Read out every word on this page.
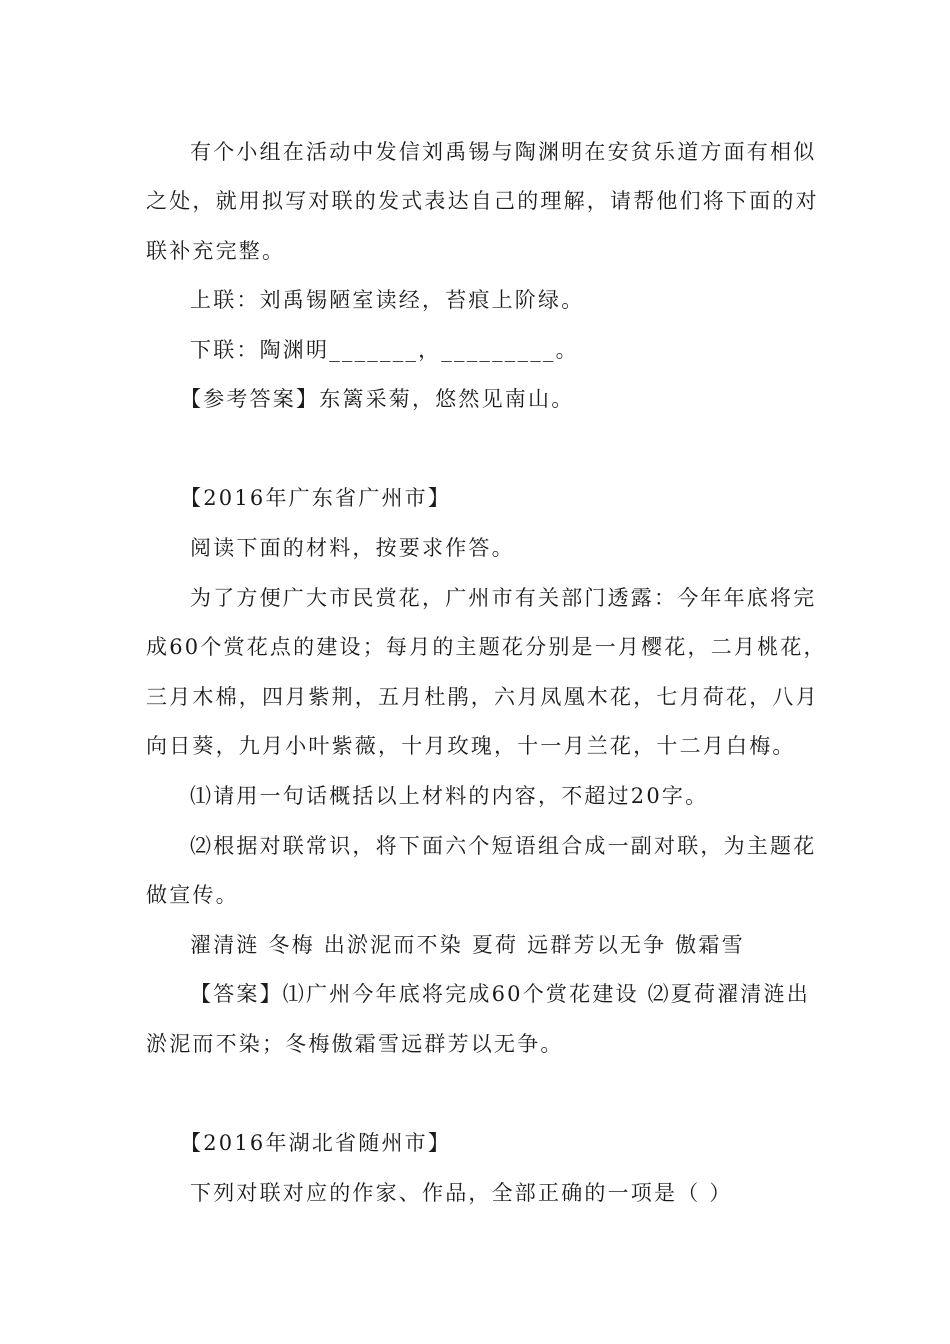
有个小组在活动中发信刘禹锡与陶渊明在安贫乐道方面有相似
之处，就用拟写对联的发式表达自己的理解，请帮他们将下面的对
联补充完整。
上联：刘禹锡陋室读经，苔痕上阶绿。
下联：陶渊明_______，_________。
【参考答案】东篱采菊，悠然见南山。
【2016年广东省广州市】
阅读下面的材料，按要求作答。
为了方便广大市民赏花，广州市有关部门透露：今年年底将完
成60个赏花点的建设；每月的主题花分别是一月樱花，二月桃花，
三月木棉，四月紫荆，五月杜鹃，六月凤凰木花，七月荷花，八月
向日葵，九月小叶紫薇，十月玫瑰，十一月兰花，十二月白梅。
⑴请用一句话概括以上材料的内容，不超过20字。
⑵根据对联常识，将下面六个短语组合成一副对联，为主题花
做宣传。
濯清涟 冬梅 出淤泥而不染 夏荷 远群芳以无争 傲霜雪
【答案】⑴广州今年底将完成60个赏花建设 ⑵夏荷濯清涟出
淤泥而不染；冬梅傲霜雪远群芳以无争。
【2016年湖北省随州市】
下列对联对应的作家、作品，全部正确的一项是（ ）
